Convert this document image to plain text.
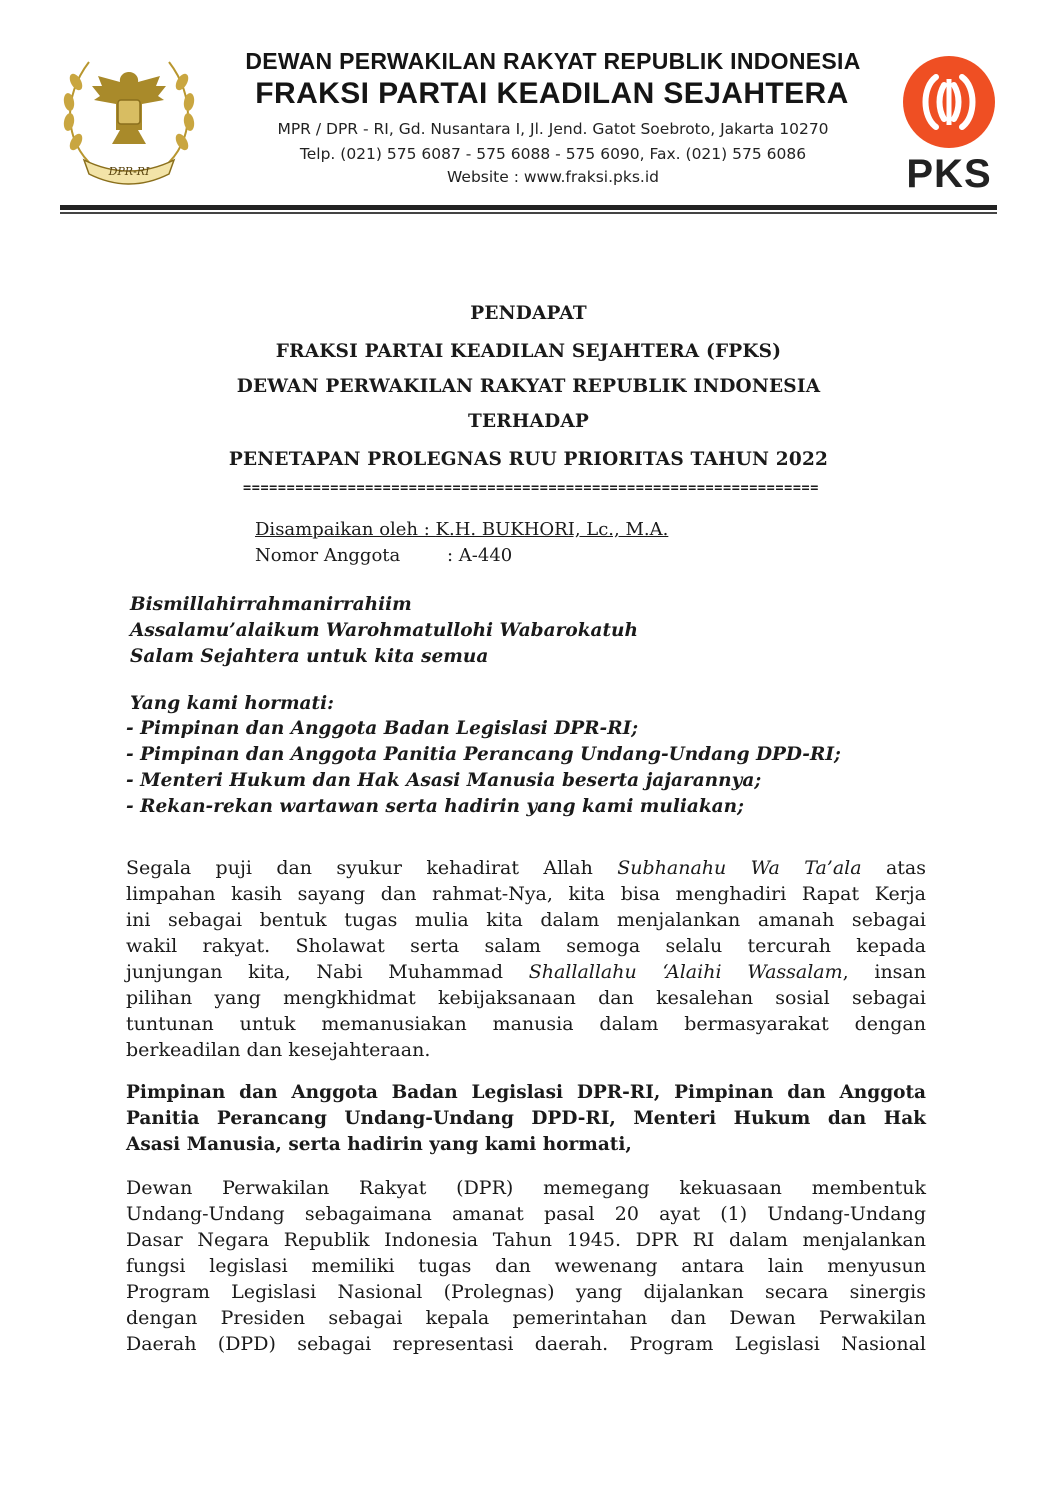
DPR-RI
DEWAN PERWAKILAN RAKYAT REPUBLIK INDONESIA
FRAKSI PARTAI KEADILAN SEJAHTERA
MPR / DPR - RI, Gd. Nusantara I, Jl. Jend. Gatot Soebroto, Jakarta 10270
Telp. (021) 575 6087 - 575 6088 - 575 6090, Fax. (021) 575 6086
Website : www.fraksi.pks.id	PKS
PENDAPAT
FRAKSI PARTAI KEADILAN SEJAHTERA (FPKS)
DEWAN PERWAKILAN RAKYAT REPUBLIK INDONESIA
TERHADAP
PENETAPAN PROLEGNAS RUU PRIORITAS TAHUN 2022
==================================================================
Disampaikan oleh : K.H. BUKHORI, Lc., M.A.
Nomor Anggota	: A-440
Bismillahirrahmanirrahiim
Assalamu’alaikum Warohmatullohi Wabarokatuh
Salam Sejahtera untuk kita semua
Yang kami hormati:
- Pimpinan dan Anggota Badan Legislasi DPR-RI;
- Pimpinan dan Anggota Panitia Perancang Undang-Undang DPD-RI;
- Menteri Hukum dan Hak Asasi Manusia beserta jajarannya;
- Rekan-rekan wartawan serta hadirin yang kami muliakan;
Segala puji dan syukur kehadirat Allah Subhanahu Wa Ta’ala atas
limpahan kasih sayang dan rahmat-Nya, kita bisa menghadiri Rapat Kerja
ini sebagai bentuk tugas mulia kita dalam menjalankan amanah sebagai
wakil rakyat. Sholawat serta salam semoga selalu tercurah kepada
junjungan kita, Nabi Muhammad Shallallahu ‘Alaihi Wassalam, insan
pilihan yang mengkhidmat kebijaksanaan dan kesalehan sosial sebagai
tuntunan untuk memanusiakan manusia dalam bermasyarakat dengan
berkeadilan dan kesejahteraan.
Pimpinan dan Anggota Badan Legislasi DPR-RI, Pimpinan dan Anggota
Panitia Perancang Undang-Undang DPD-RI, Menteri Hukum dan Hak
Asasi Manusia, serta hadirin yang kami hormati,
Dewan Perwakilan Rakyat (DPR) memegang kekuasaan membentuk
Undang-Undang sebagaimana amanat pasal 20 ayat (1) Undang-Undang
Dasar Negara Republik Indonesia Tahun 1945. DPR RI dalam menjalankan
fungsi legislasi memiliki tugas dan wewenang antara lain menyusun
Program Legislasi Nasional (Prolegnas) yang dijalankan secara sinergis
dengan Presiden sebagai kepala pemerintahan dan Dewan Perwakilan
Daerah (DPD) sebagai representasi daerah. Program Legislasi Nasional
